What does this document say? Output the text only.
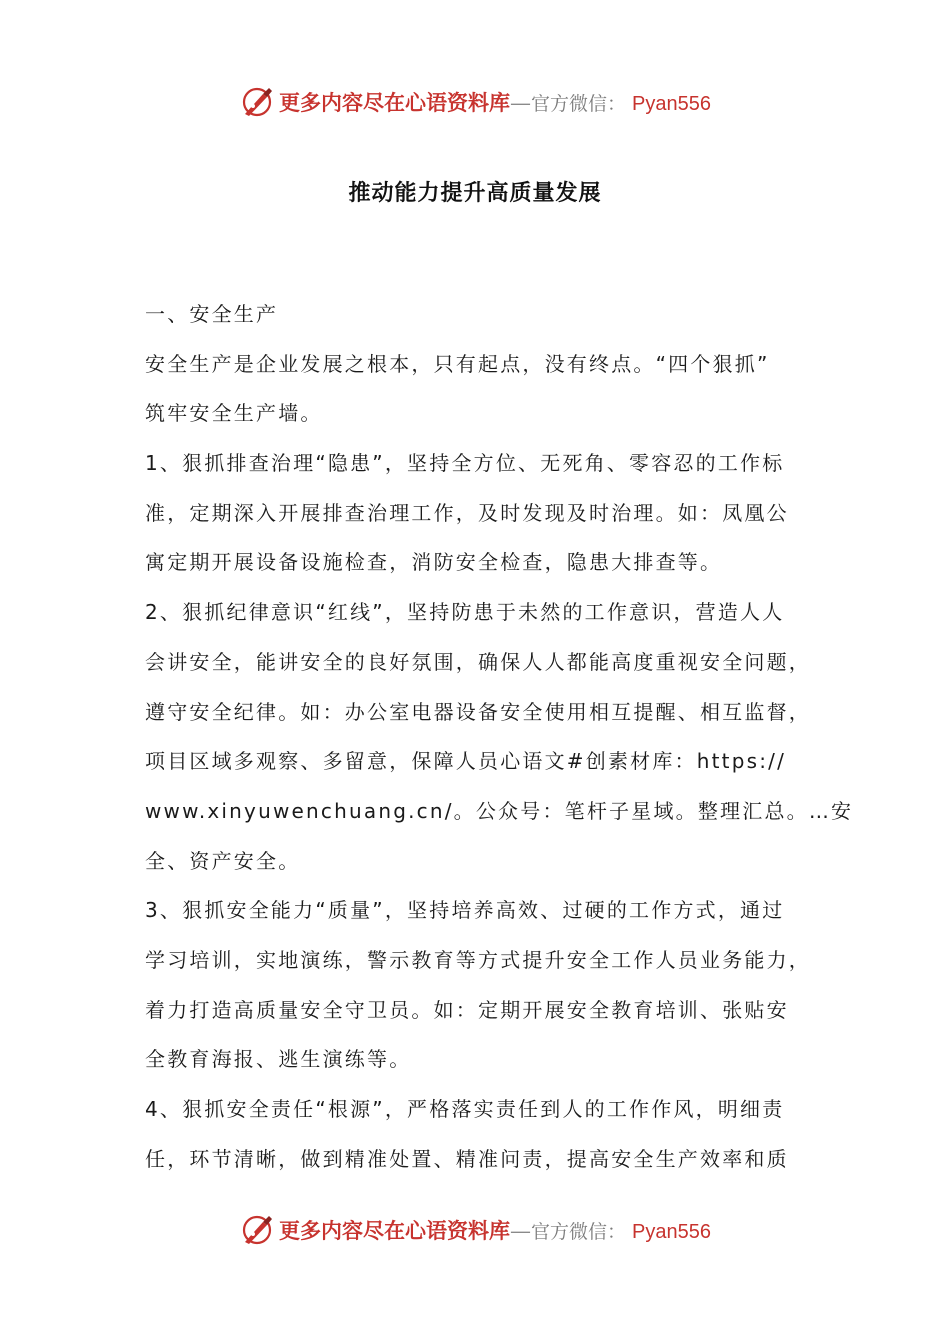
更多内容尽在心语资料库—官方微信： Pyan556
推动能力提升高质量发展
一、安全生产
安全生产是企业发展之根本，只有起点，没有终点。“四个狠抓”
筑牢安全生产墙。
1、狠抓排查治理“隐患”，坚持全方位、无死角、零容忍的工作标
准，定期深入开展排查治理工作，及时发现及时治理。如：凤凰公
寓定期开展设备设施检查，消防安全检查，隐患大排查等。
2、狠抓纪律意识“红线”，坚持防患于未然的工作意识，营造人人
会讲安全，能讲安全的良好氛围，确保人人都能高度重视安全问题，
遵守安全纪律。如：办公室电器设备安全使用相互提醒、相互监督，
项目区域多观察、多留意，保障人员心语文#创素材库：https://
www.xinyuwenchuang.cn/。公众号：笔杆子星域。整理汇总。…安
全、资产安全。
3、狠抓安全能力“质量”，坚持培养高效、过硬的工作方式，通过
学习培训，实地演练，警示教育等方式提升安全工作人员业务能力，
着力打造高质量安全守卫员。如：定期开展安全教育培训、张贴安
全教育海报、逃生演练等。
4、狠抓安全责任“根源”，严格落实责任到人的工作作风，明细责
任，环节清晰，做到精准处置、精准问责，提高安全生产效率和质
更多内容尽在心语资料库—官方微信： Pyan556
